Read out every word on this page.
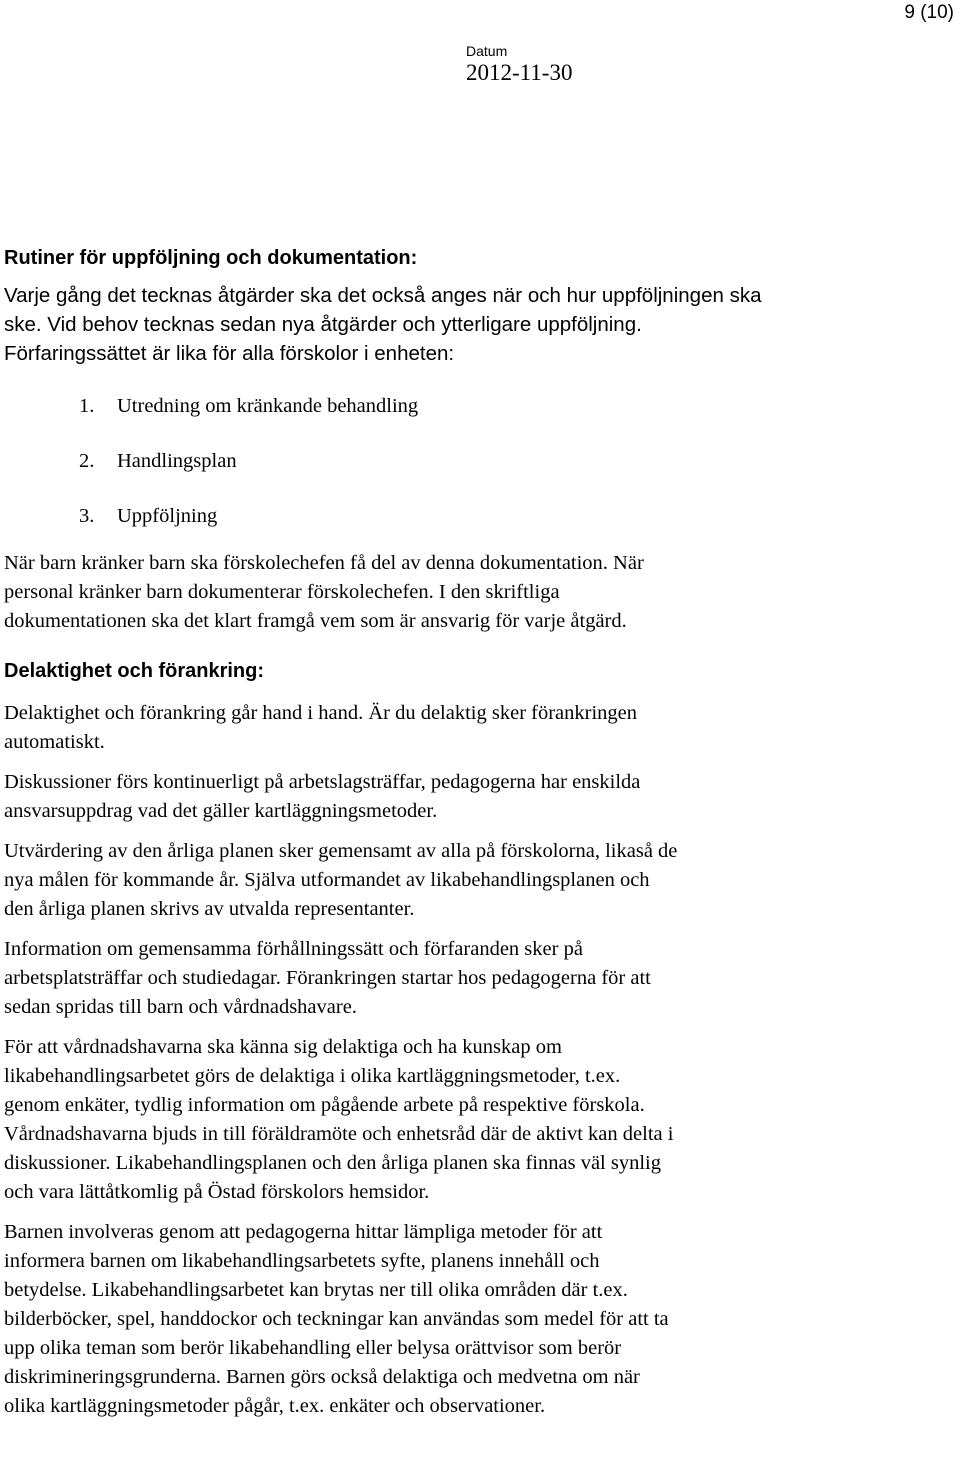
9 (10)
Datum
2012-11-30
Rutiner för uppföljning och dokumentation:

Varje gång det tecknas åtgärder ska det också anges när och hur uppföljningen ska
ske. Vid behov tecknas sedan nya åtgärder och ytterligare uppföljning.
Förfaringssättet är lika för alla förskolor i enheten:

1. Utredning om kränkande behandling
2. Handlingsplan
3. Uppföljning

När barn kränker barn ska förskolechefen få del av denna dokumentation. När
personal kränker barn dokumenterar förskolechefen. I den skriftliga
dokumentationen ska det klart framgå vem som är ansvarig för varje åtgärd.

Delaktighet och förankring:

Delaktighet och förankring går hand i hand. Är du delaktig sker förankringen
automatiskt.

Diskussioner förs kontinuerligt på arbetslagsträffar, pedagogerna har enskilda
ansvarsuppdrag vad det gäller kartläggningsmetoder.

Utvärdering av den årliga planen sker gemensamt av alla på förskolorna, likaså de
nya målen för kommande år. Själva utformandet av likabehandlingsplanen och
den årliga planen skrivs av utvalda representanter.

Information om gemensamma förhållningssätt och förfaranden sker på
arbetsplatsträffar och studiedagar. Förankringen startar hos pedagogerna för att
sedan spridas till barn och vårdnadshavare.

För att vårdnadshavarna ska känna sig delaktiga och ha kunskap om
likabehandlingsarbetet görs de delaktiga i olika kartläggningsmetoder, t.ex.
genom enkäter, tydlig information om pågående arbete på respektive förskola.
Vårdnadshavarna bjuds in till föräldramöte och enhetsråd där de aktivt kan delta i
diskussioner. Likabehandlingsplanen och den årliga planen ska finnas väl synlig
och vara lättåtkomlig på Östad förskolors hemsidor.

Barnen involveras genom att pedagogerna hittar lämpliga metoder för att
informera barnen om likabehandlingsarbetets syfte, planens innehåll och
betydelse. Likabehandlingsarbetet kan brytas ner till olika områden där t.ex.
bilderböcker, spel, handdockor och teckningar kan användas som medel för att ta
upp olika teman som berör likabehandling eller belysa orättvisor som berör
diskrimineringsgrunderna. Barnen görs också delaktiga och medvetna om när
olika kartläggningsmetoder pågår, t.ex. enkäter och observationer.
